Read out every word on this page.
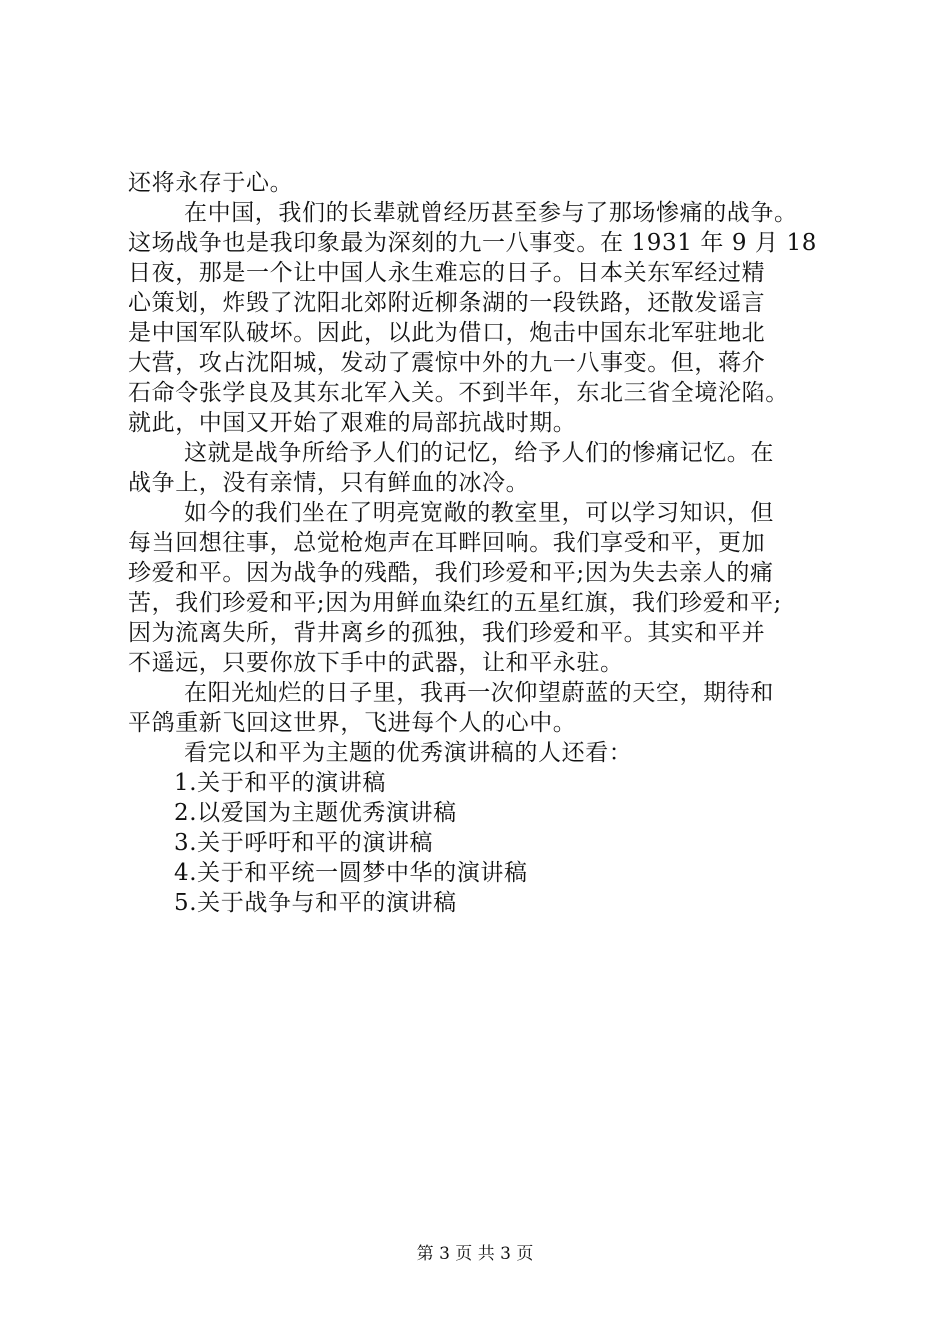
还将永存于心。
在中国，我们的长辈就曾经历甚至参与了那场惨痛的战争。
这场战争也是我印象最为深刻的九一八事变。在 1931 年 9 月 18
日夜，那是一个让中国人永生难忘的日子。日本关东军经过精
心策划，炸毁了沈阳北郊附近柳条湖的一段铁路，还散发谣言
是中国军队破坏。因此，以此为借口，炮击中国东北军驻地北
大营，攻占沈阳城，发动了震惊中外的九一八事变。但，蒋介
石命令张学良及其东北军入关。不到半年，东北三省全境沦陷。
就此，中国又开始了艰难的局部抗战时期。
这就是战争所给予人们的记忆，给予人们的惨痛记忆。在
战争上，没有亲情，只有鲜血的冰冷。
如今的我们坐在了明亮宽敞的教室里，可以学习知识，但
每当回想往事，总觉枪炮声在耳畔回响。我们享受和平，更加
珍爱和平。因为战争的残酷，我们珍爱和平;因为失去亲人的痛
苦，我们珍爱和平;因为用鲜血染红的五星红旗，我们珍爱和平;
因为流离失所，背井离乡的孤独，我们珍爱和平。其实和平并
不遥远，只要你放下手中的武器，让和平永驻。
在阳光灿烂的日子里，我再一次仰望蔚蓝的天空，期待和
平鸽重新飞回这世界，飞进每个人的心中。
看完以和平为主题的优秀演讲稿的人还看：
1.关于和平的演讲稿
2.以爱国为主题优秀演讲稿
3.关于呼吁和平的演讲稿
4.关于和平统一圆梦中华的演讲稿
5.关于战争与和平的演讲稿
第 3 页 共 3 页
